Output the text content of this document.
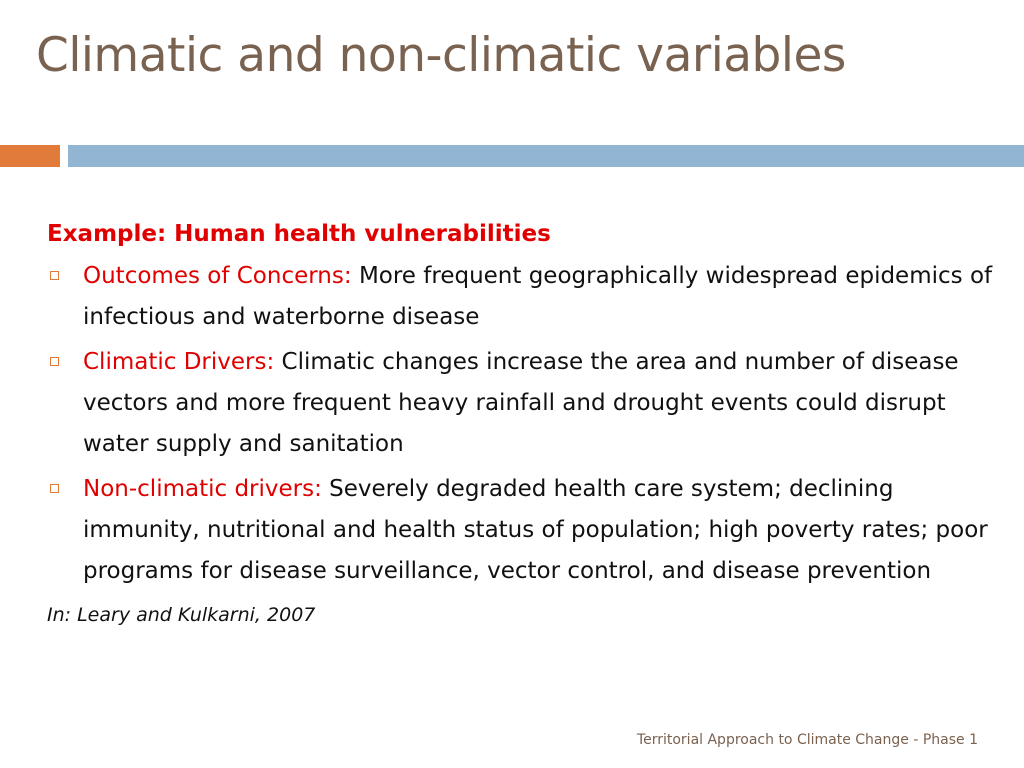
Climatic and non-climatic variables
Example: Human health vulnerabilities
Outcomes of Concerns: More frequent geographically widespread epidemics of infectious and waterborne disease
Climatic Drivers: Climatic changes increase the area and number of disease vectors and more frequent heavy rainfall and drought events could disrupt water supply and sanitation
Non-climatic drivers: Severely degraded health care system; declining immunity, nutritional and health status of population; high poverty rates; poor programs for disease surveillance, vector control, and disease prevention
In: Leary and Kulkarni, 2007
Territorial Approach to Climate Change - Phase 1
